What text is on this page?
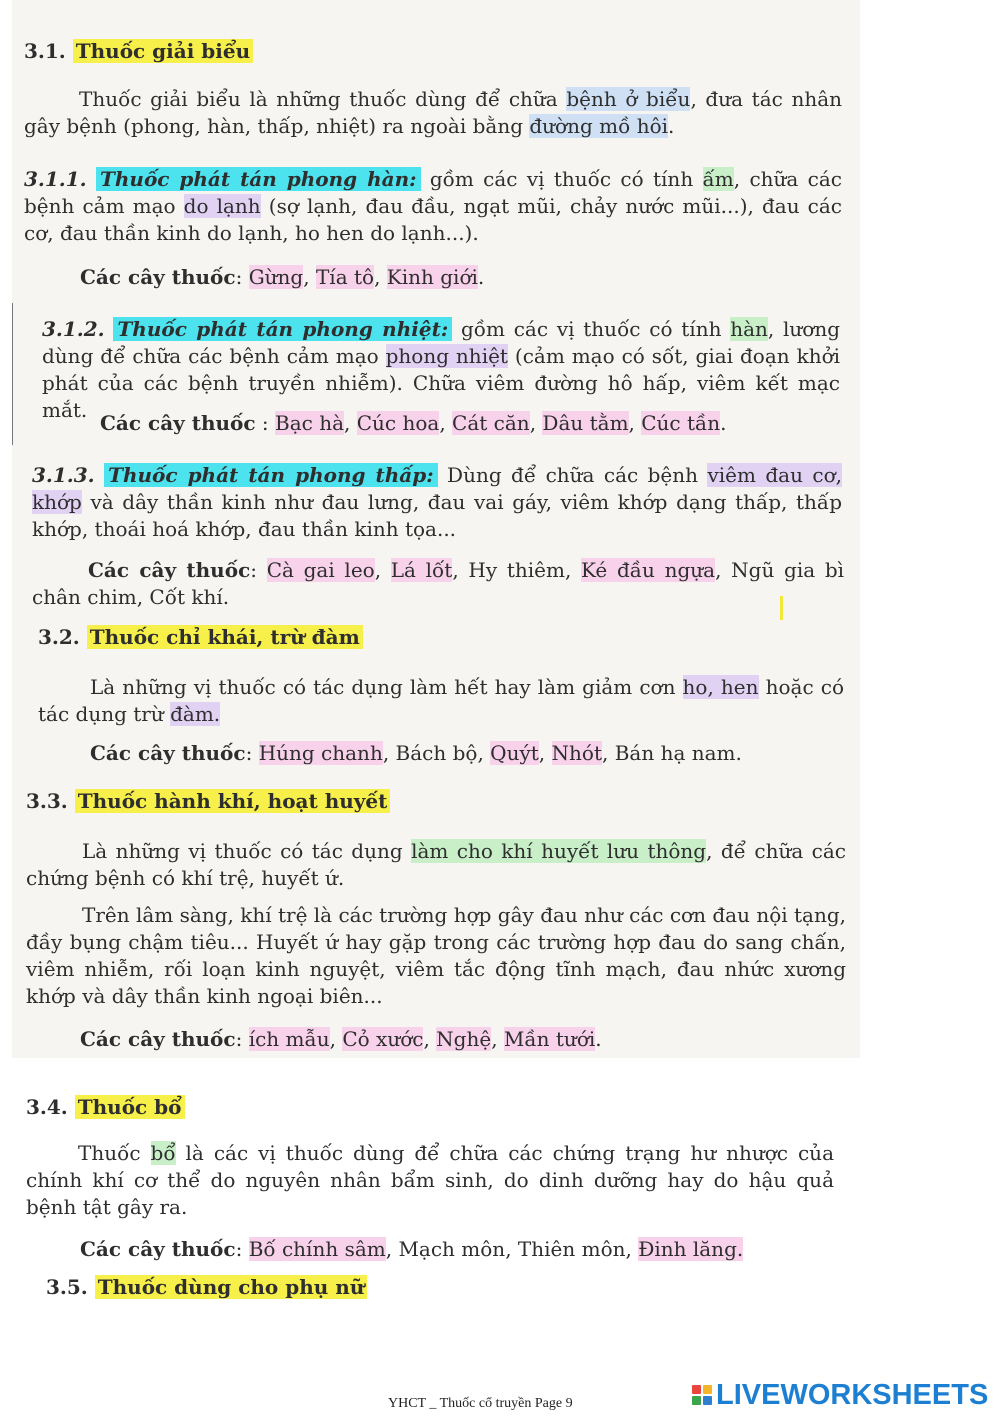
3.1. Thuốc giải biểu
Thuốc giải biểu là những thuốc dùng để chữa bệnh ở biểu, đưa tác nhân gây bệnh (phong, hàn, thấp, nhiệt) ra ngoài bằng đường mồ hôi.
3.1.1. Thuốc phát tán phong hàn: gồm các vị thuốc có tính ấm, chữa các bệnh cảm mạo do lạnh (sợ lạnh, đau đầu, ngạt mũi, chảy nước mũi...), đau các cơ, đau thần kinh do lạnh, ho hen do lạnh...).
Các cây thuốc: Gừng, Tía tô, Kinh giới.
3.1.2. Thuốc phát tán phong nhiệt: gồm các vị thuốc có tính hàn, lương dùng để chữa các bệnh cảm mạo phong nhiệt (cảm mạo có sốt, giai đoạn khởi phát của các bệnh truyền nhiễm). Chữa viêm đường hô hấp, viêm kết mạc mắt.
Các cây thuốc : Bạc hà, Cúc hoa, Cát căn, Dâu tằm, Cúc tần.
3.1.3. Thuốc phát tán phong thấp: Dùng để chữa các bệnh viêm đau cơ, khớp và dây thần kinh như đau lưng, đau vai gáy, viêm khớp dạng thấp, thấp khớp, thoái hoá khớp, đau thần kinh tọa...
Các cây thuốc: Cà gai leo, Lá lốt, Hy thiêm, Ké đầu ngựa, Ngũ gia bì chân chim, Cốt khí.
3.2. Thuốc chỉ khái, trừ đàm
Là những vị thuốc có tác dụng làm hết hay làm giảm cơn ho, hen hoặc có tác dụng trừ đàm.
Các cây thuốc: Húng chanh, Bách bộ, Quýt, Nhót, Bán hạ nam.
3.3. Thuốc hành khí, hoạt huyết
Là những vị thuốc có tác dụng làm cho khí huyết lưu thông, để chữa các chứng bệnh có khí trệ, huyết ứ.
Trên lâm sàng, khí trệ là các trường hợp gây đau như các cơn đau nội tạng, đầy bụng chậm tiêu... Huyết ứ hay gặp trong các trường hợp đau do sang chấn, viêm nhiễm, rối loạn kinh nguyệt, viêm tắc động tĩnh mạch, đau nhức xương khớp và dây thần kinh ngoại biên...
Các cây thuốc: ích mẫu, Cỏ xước, Nghệ, Mần tưới.
3.4. Thuốc bổ
Thuốc bổ là các vị thuốc dùng để chữa các chứng trạng hư nhược của chính khí cơ thể do nguyên nhân bẩm sinh, do dinh dưỡng hay do hậu quả bệnh tật gây ra.
Các cây thuốc: Bố chính sâm, Mạch môn, Thiên môn, Đinh lăng.
3.5. Thuốc dùng cho phụ nữ
YHCT _ Thuốc cổ truyền Page 9	LIVEWORKSHEETS
